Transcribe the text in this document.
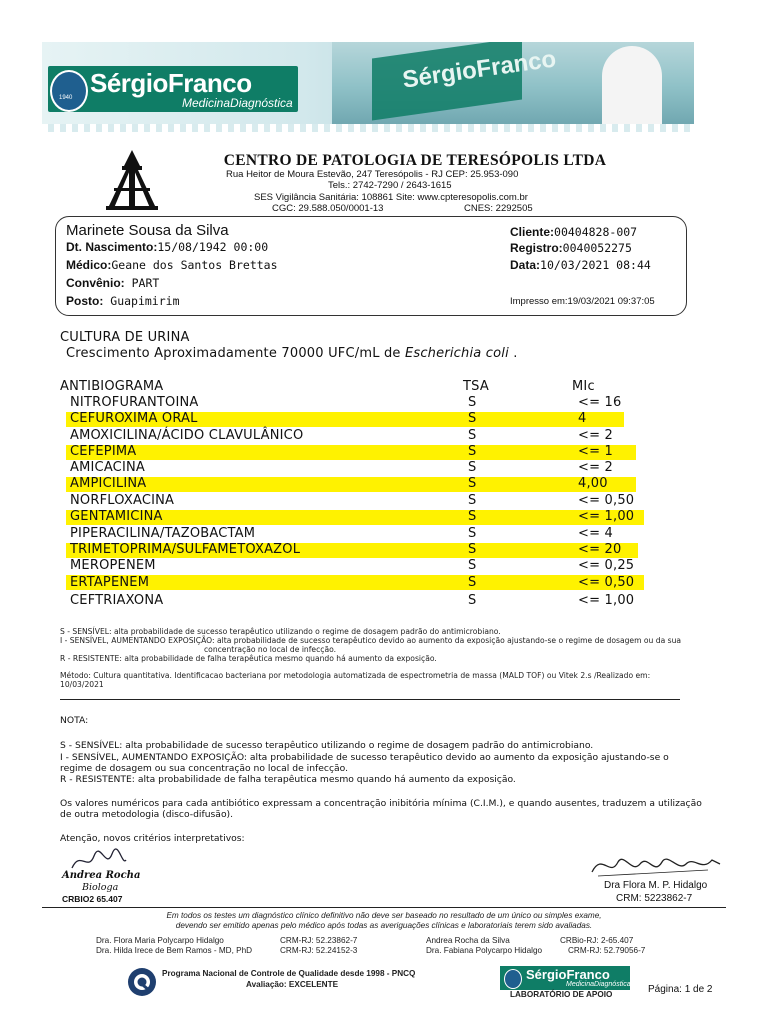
SérgioFranco
1940 SérgioFranco
MedicinaDiagnóstica
CENTRO DE PATOLOGIA DE TERESÓPOLIS LTDA
Rua Heitor de Moura Estevão, 247 Teresópolis - RJ CEP: 25.953-090
Tels.: 2742-7290 / 2643-1615
SES Vigilância Sanitária: 108861 Site: www.cpteresopolis.com.br
CGC: 29.588.050/0001-13	CNES: 2292505
Marinete Sousa da Silva
Dt. Nascimento:15/08/1942 00:00
Médico:Geane dos Santos Brettas
Convênio: PART
Posto: Guapimirim
Cliente:00404828-007
Registro:0040052275
Data:10/03/2021 08:44
Impresso em:19/03/2021 09:37:05
CULTURA DE URINA
Crescimento Aproximadamente 70000 UFC/mL de Escherichia coli .
ANTIBIOGRAMA	TSA	MIc
NITROFURANTOINA	S	<= 16
CEFUROXIMA ORAL	S	4
AMOXICILINA/ÁCIDO CLAVULÂNICO	S	<= 2
CEFEPIMA	S	<= 1
AMICACINA	S	<= 2
AMPICILINA	S	4,00
NORFLOXACINA	S	<= 0,50
GENTAMICINA	S	<= 1,00
PIPERACILINA/TAZOBACTAM	S	<= 4
TRIMETOPRIMA/SULFAMETOXAZOL	S	<= 20
MEROPENEM	S	<= 0,25
ERTAPENEM	S	<= 0,50
CEFTRIAXONA	S	<= 1,00
S - SENSÍVEL: alta probabilidade de sucesso terapêutico utilizando o regime de dosagem padrão do antimicrobiano.
I - SENSÍVEL, AUMENTANDO EXPOSIÇÃO: alta probabilidade de sucesso terapêutico devido ao aumento da exposição ajustando-se o regime de dosagem ou da sua
concentração no local de infecção.
R - RESISTENTE: alta probabilidade de falha terapêutica mesmo quando há aumento da exposição.
Método: Cultura quantitativa. Identificacao bacteriana por metodologia automatizada de espectrometria de massa (MALD TOF) ou Vitek 2.s /Realizado em:
10/03/2021
NOTA:
S - SENSÍVEL: alta probabilidade de sucesso terapêutico utilizando o regime de dosagem padrão do antimicrobiano.
I - SENSÍVEL, AUMENTANDO EXPOSIÇÃO: alta probabilidade de sucesso terapêutico devido ao aumento da exposição ajustando-se o
regime de dosagem ou sua concentração no local de infecção.
R - RESISTENTE: alta probabilidade de falha terapêutica mesmo quando há aumento da exposição.
Os valores numéricos para cada antibiótico expressam a concentração inibitória mínima (C.I.M.), e quando ausentes, traduzem a utilização
de outra metodologia (disco-difusão).
Atenção, novos critérios interpretativos:
Andrea Rocha
Biologa
CRBIO2 65.407
Dra Flora M. P. Hidalgo
CRM: 5223862-7
Em todos os testes um diagnóstico clínico definitivo não deve ser baseado no resultado de um único ou simples exame,
devendo ser emitido apenas pelo médico após todas as averiguações clínicas e laboratoriais terem sido avaliadas.
Dra. Flora Maria Polycarpo Hidalgo	CRM-RJ: 52.23862-7
Dra. Hilda Irece de Bem Ramos - MD, PhD	CRM-RJ: 52.24152-3
Andrea Rocha da Silva	CRBio-RJ: 2-65.407
Dra. Fabiana Polycarpo Hidalgo	CRM-RJ: 52.79056-7
Programa Nacional de Controle de Qualidade desde 1998 - PNCQ
Avaliação: EXCELENTE
SérgioFranco
MedicinaDiagnóstica
LABORATÓRIO DE APOIO	Página: 1 de 2
